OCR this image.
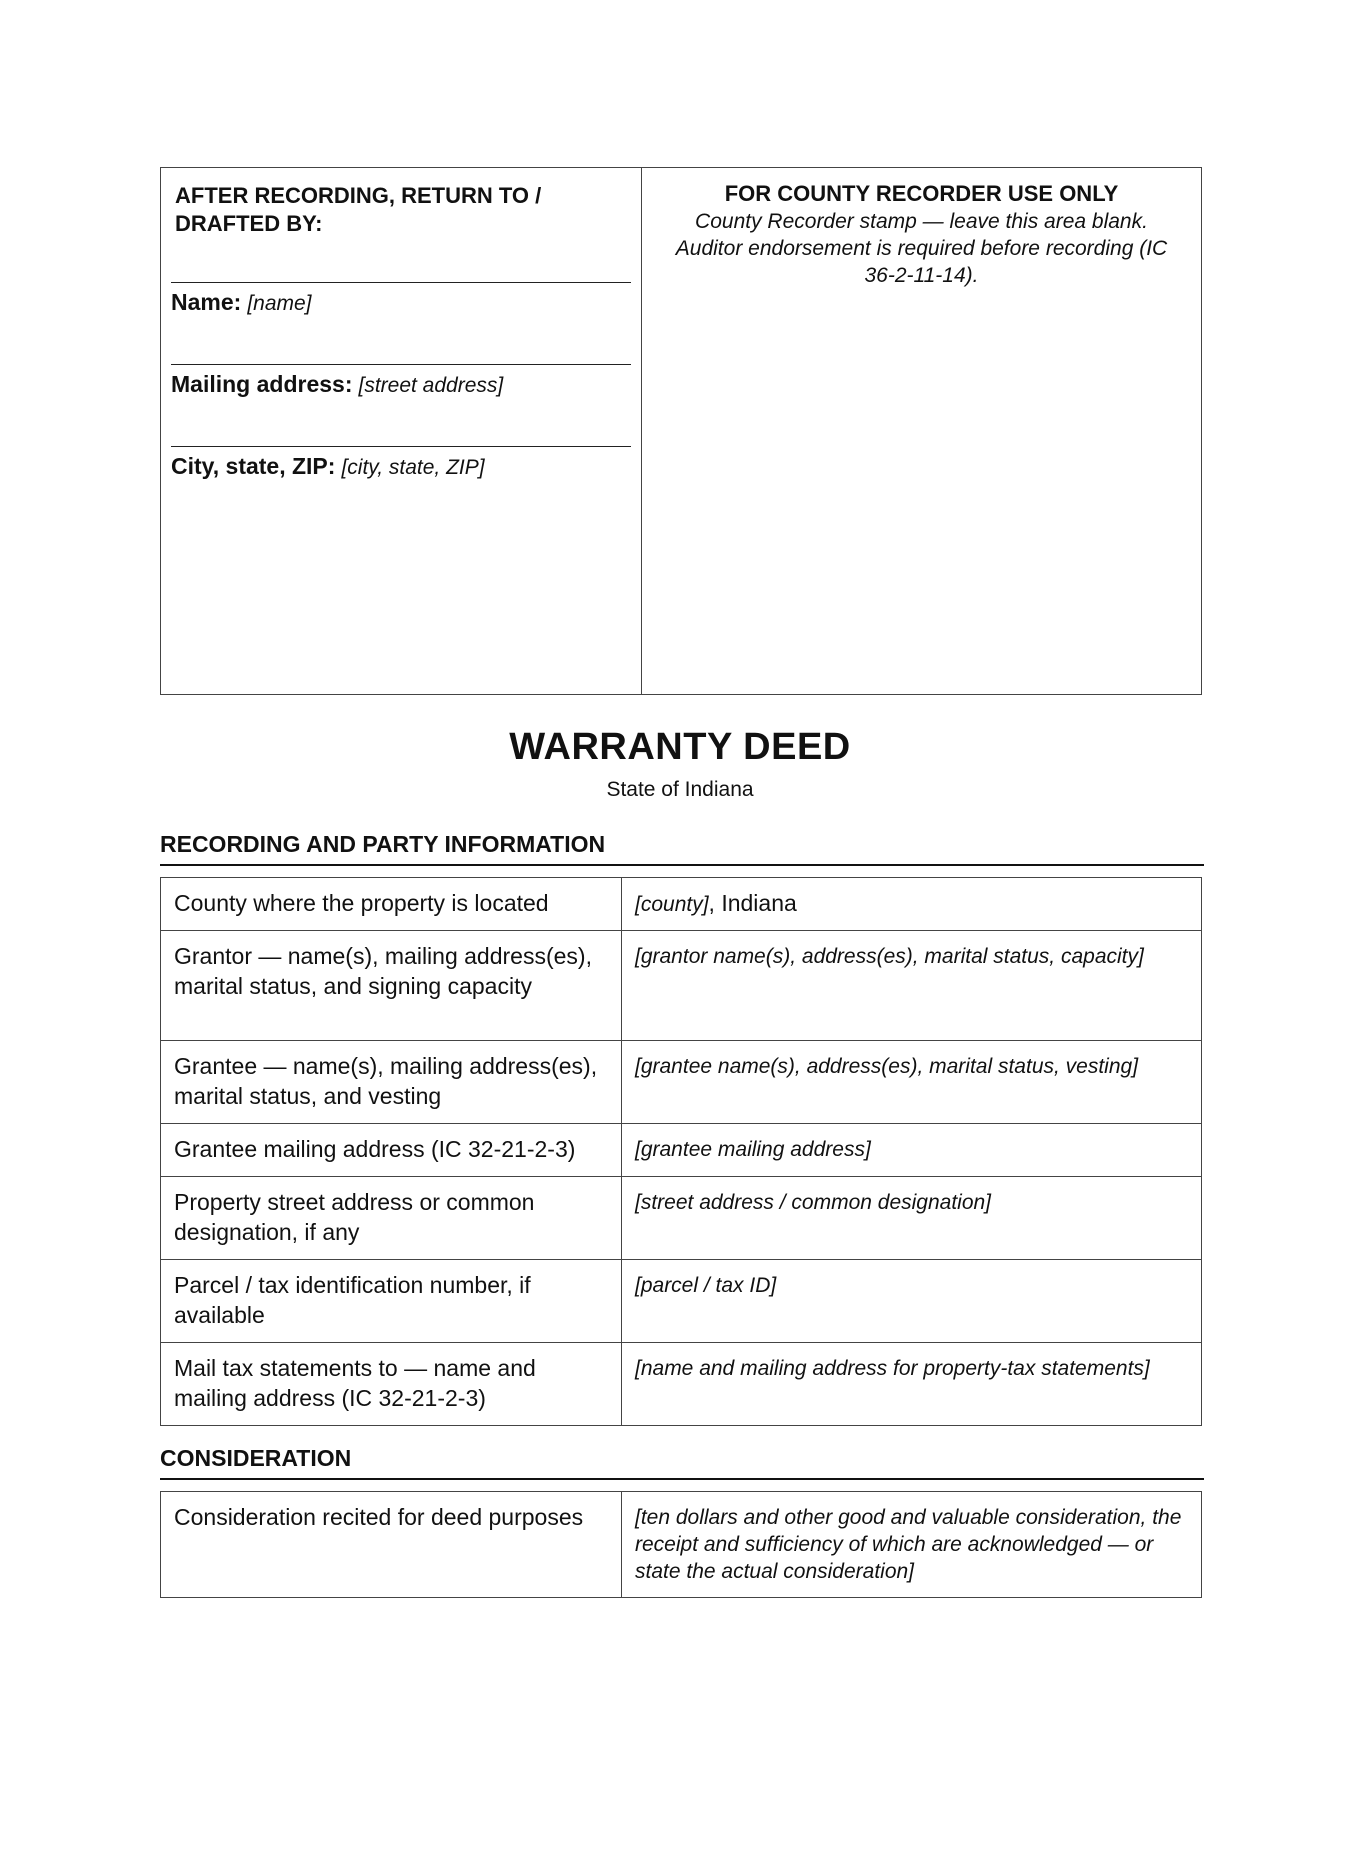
AFTER RECORDING, RETURN TO / DRAFTED BY:
Name: [name]
Mailing address: [street address]
City, state, ZIP: [city, state, ZIP]
FOR COUNTY RECORDER USE ONLY
County Recorder stamp — leave this area blank. Auditor endorsement is required before recording (IC 36-2-11-14).
WARRANTY DEED
State of Indiana
RECORDING AND PARTY INFORMATION
County where the property is located	[county], Indiana
Grantor — name(s), mailing address(es), marital status, and signing capacity	[grantor name(s), address(es), marital status, capacity]
Grantee — name(s), mailing address(es), marital status, and vesting	[grantee name(s), address(es), marital status, vesting]
Grantee mailing address (IC 32-21-2-3)	[grantee mailing address]
Property street address or common designation, if any	[street address / common designation]
Parcel / tax identification number, if available	[parcel / tax ID]
Mail tax statements to — name and mailing address (IC 32-21-2-3)	[name and mailing address for property-tax statements]
CONSIDERATION
Consideration recited for deed purposes	[ten dollars and other good and valuable consideration, the receipt and sufficiency of which are acknowledged — or state the actual consideration]
